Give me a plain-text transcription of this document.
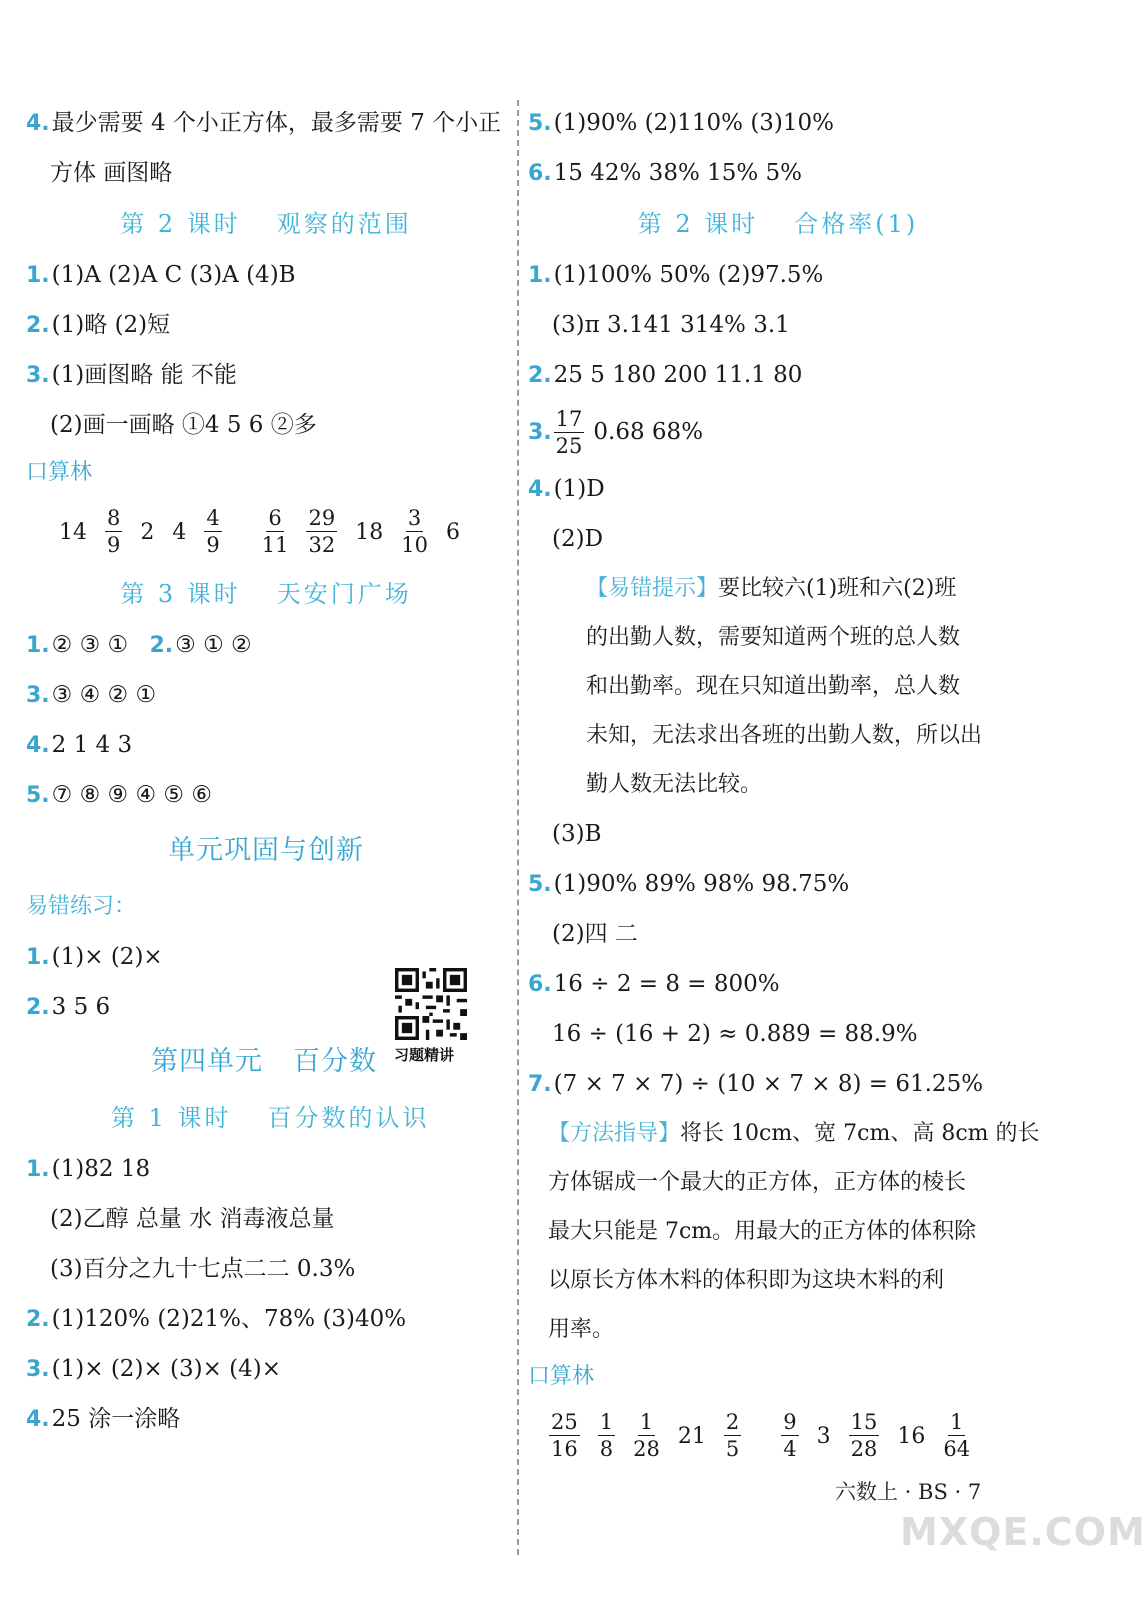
4.最少需要 4 个小正方体，最多需要 7 个小正
方体 画图略
第 2 课时 观察的范围
1.(1)A (2)A C (3)A (4)B
2.(1)略 (2)短
3.(1)画图略 能 不能
(2)画一画略 ①4 5 6 ②多
口算林
$14 \frac{8}{9} 2$ $4 \frac{4}{9} \frac{6}{11} \frac{29}{32} 18 \frac{3}{10} 6$
第 3 课时 天安门广场
1.② ③ ① 2.③ ① ②
3.③ ④ ② ①
4.2 1 4 3
5.⑦ ⑧ ⑨ ④ ⑤ ⑥
单元巩固与创新
易错练习：
1.(1)× (2)×
2.3 5 6
第四单元 百分数
第 1 课时 百分数的认识
1.(1)82 18
(2)乙醇 总量 水 消毒液总量
(3)百分之九十七点二二 0.3%
2.(1)120% (2)21%、78% (3)40%
3.(1)× (2)× (3)× (4)×
4.25 涂一涂略
习题精讲
5.(1)90% (2)110% (3)10%
6.15 42% 38% 15% 5%
第 2 课时 合格率(1)
1.(1)100% 50% (2)97.5%
(3)π 3.141 314% 3.1
2.25 5 180 200 11.1 80
3. $\frac{17}{25} 0.68$ 68%
4.(1)D
(2)D

【易错提示】要比较六(1)班和六(2)班

的出勤人数，需要知道两个班的总人数

和出勤率。现在只知道出勤率，总人数

未知，无法求出各班的出勤人数，所以出

勤人数无法比较。

(3)B
5.(1)90% 89% 98% 98.75%
(2)四 二
6.16 ÷ 2 = 8 = 800%
16 ÷ (16 + 2) ≈ 0.889 = 88.9%
7.(7 × 7 × 7) ÷ (10 × 7 × 8) = 61.25%

【方法指导】将长 10cm、宽 7cm、高 8cm 的长

方体锯成一个最大的正方体，正方体的棱长

最大只能是 7cm。用最大的正方体的体积除

以原长方体木料的体积即为这块木料的利

用率。

口算林
$\frac{25}{16} \frac{1}{8} \frac{1}{28} 21 \frac{2}{5} \frac{9}{4} 3 \frac{15}{28} 16 \frac{1}{64}$
六数上 · BS · 7
MXQE.COM
